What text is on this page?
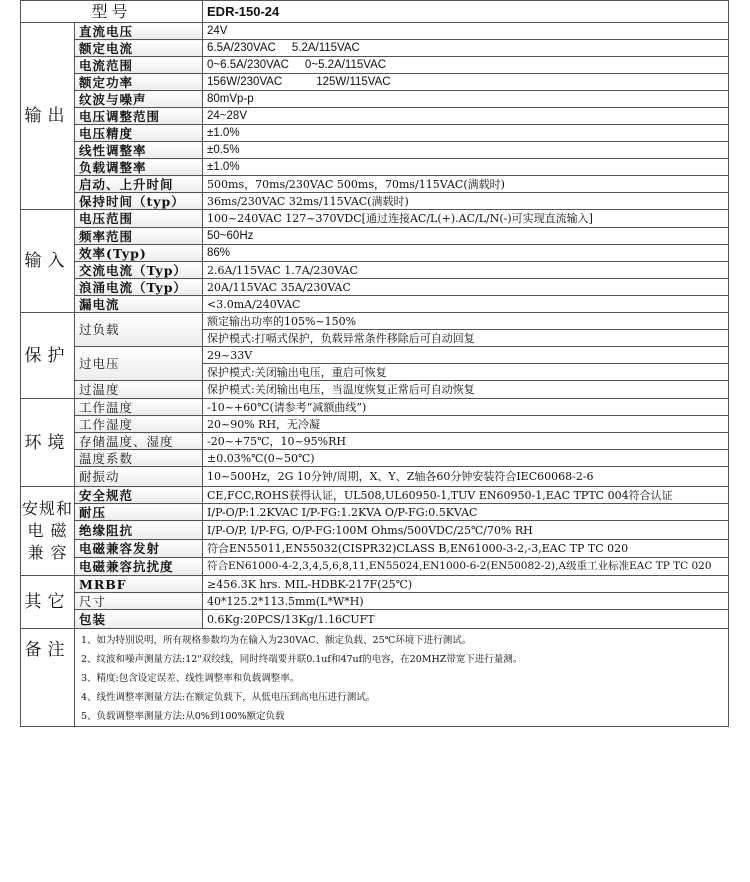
型号		EDR-150-24
输出	直流电压	24V
	额定电流	6.5A/230VAC 5.2A/115VAC
	电流范围	0~6.5A/230VAC 0~5.2A/115VAC
	额定功率	156W/230VAC 125W/115VAC
	纹波与噪声	80mVp-p
	电压调整范围	24~28V
	电压精度	±1.0%
	线性调整率	±0.5%
	负载调整率	±1.0%
	启动、上升时间	500ms，70ms/230VAC 500ms，70ms/115VAC(满载时)
	保持时间（typ）	36ms/230VAC 32ms/115VAC(满载时)
输入	电压范围	100~240VAC 127~370VDC[通过连接AC/L(+).AC/L/N(-)可实现直流输入]
	频率范围	50~60Hz
	效率(Typ)	86%
	交流电流（Typ）	2.6A/115VAC 1.7A/230VAC
	浪涌电流（Typ）	20A/115VAC 35A/230VAC
	漏电流	<3.0mA/240VAC
保护	过负载	额定输出功率的105%~150%
		保护模式:打嗝式保护，负载异常条件移除后可自动回复
	过电压	29~33V
		保护模式:关闭输出电压，重启可恢复
	过温度	保护模式:关闭输出电压，当温度恢复正常后可自动恢复
环境	工作温度	-10~+60℃(请参考“减额曲线”)
	工作湿度	20~90% RH，无冷凝
	存储温度、湿度	-20~+75℃，10~95%RH
	温度系数	±0.03%℃(0~50℃)
	耐振动	10~500Hz，2G 10分钟/周期，X、Y、Z轴各60分钟安装符合IEC60068-2-6

安规和
电 磁
兼 容	安全规范	CE,FCC,ROHS获得认证，UL508,UL60950-1,TUV EN60950-1,EAC TPTC 004符合认证
	耐压	I/P-O/P:1.2KVAC I/P-FG:1.2KVA O/P-FG:0.5KVAC
	绝缘阻抗	I/P-O/P, I/P-FG, O/P-FG:100M Ohms/500VDC/25℃/70% RH
	电磁兼容发射	符合EN55011,EN55032(CISPR32)CLASS B,EN61000-3-2,-3,EAC TP TC 020
	电磁兼容抗扰度	符合EN61000-4-2,3,4,5,6,8,11,EN55024,EN1000-6-2(EN50082-2),A级重工业标准EAC TP TC 020
其它	MRBF	≥456.3K hrs. MIL-HDBK-217F(25℃)
	尺寸	40*125.2*113.5mm(L*W*H)
	包装	0.6Kg:20PCS/13Kg/1.16CUFT
备注	1、如为特别说明，所有规格参数均为在输入为230VAC、额定负载、25℃环境下进行测试。
2、纹波和噪声测量方法:12"双绞线，同时终端要并联0.1uf和47uf的电容，在20MHZ带宽下进行量测。
3、精度:包含设定误差、线性调整率和负载调整率。
4、线性调整率测量方法:在额定负载下，从低电压到高电压进行测试。
5、负载调整率测量方法:从0%到100%额定负载	
